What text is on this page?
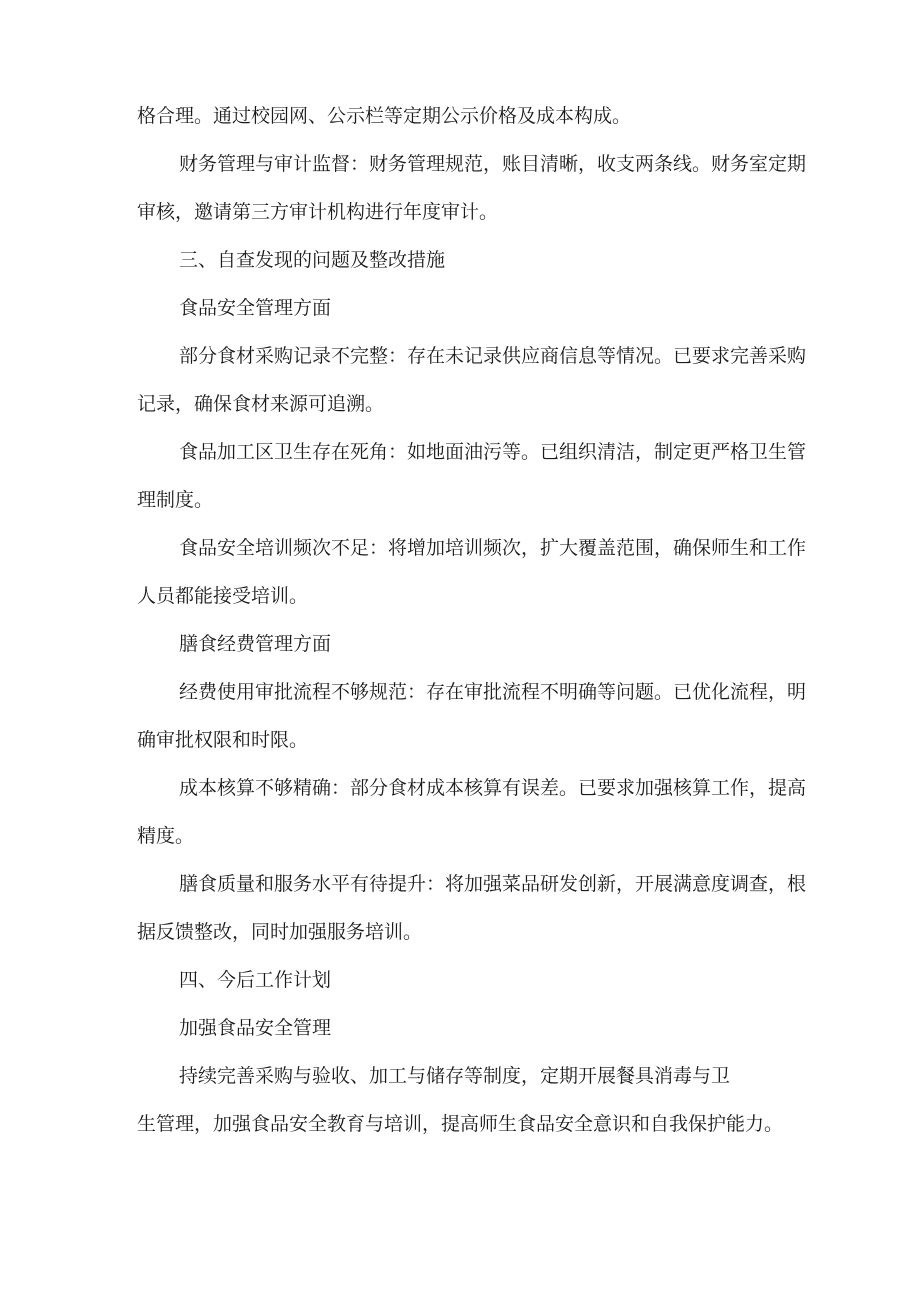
格合理。通过校园网、公示栏等定期公示价格及成本构成。
财务管理与审计监督：财务管理规范，账目清晰，收支两条线。财务室定期
审核，邀请第三方审计机构进行年度审计。
三、自查发现的问题及整改措施
食品安全管理方面
部分食材采购记录不完整：存在未记录供应商信息等情况。已要求完善采购
记录，确保食材来源可追溯。
食品加工区卫生存在死角：如地面油污等。已组织清洁，制定更严格卫生管
理制度。
食品安全培训频次不足：将增加培训频次，扩大覆盖范围，确保师生和工作
人员都能接受培训。
膳食经费管理方面
经费使用审批流程不够规范：存在审批流程不明确等问题。已优化流程，明
确审批权限和时限。
成本核算不够精确：部分食材成本核算有误差。已要求加强核算工作，提高
精度。
膳食质量和服务水平有待提升：将加强菜品研发创新，开展满意度调查，根
据反馈整改，同时加强服务培训。
四、今后工作计划
加强食品安全管理
持续完善采购与验收、加工与储存等制度，定期开展餐具消毒与卫
生管理，加强食品安全教育与培训，提高师生食品安全意识和自我保护能力。
